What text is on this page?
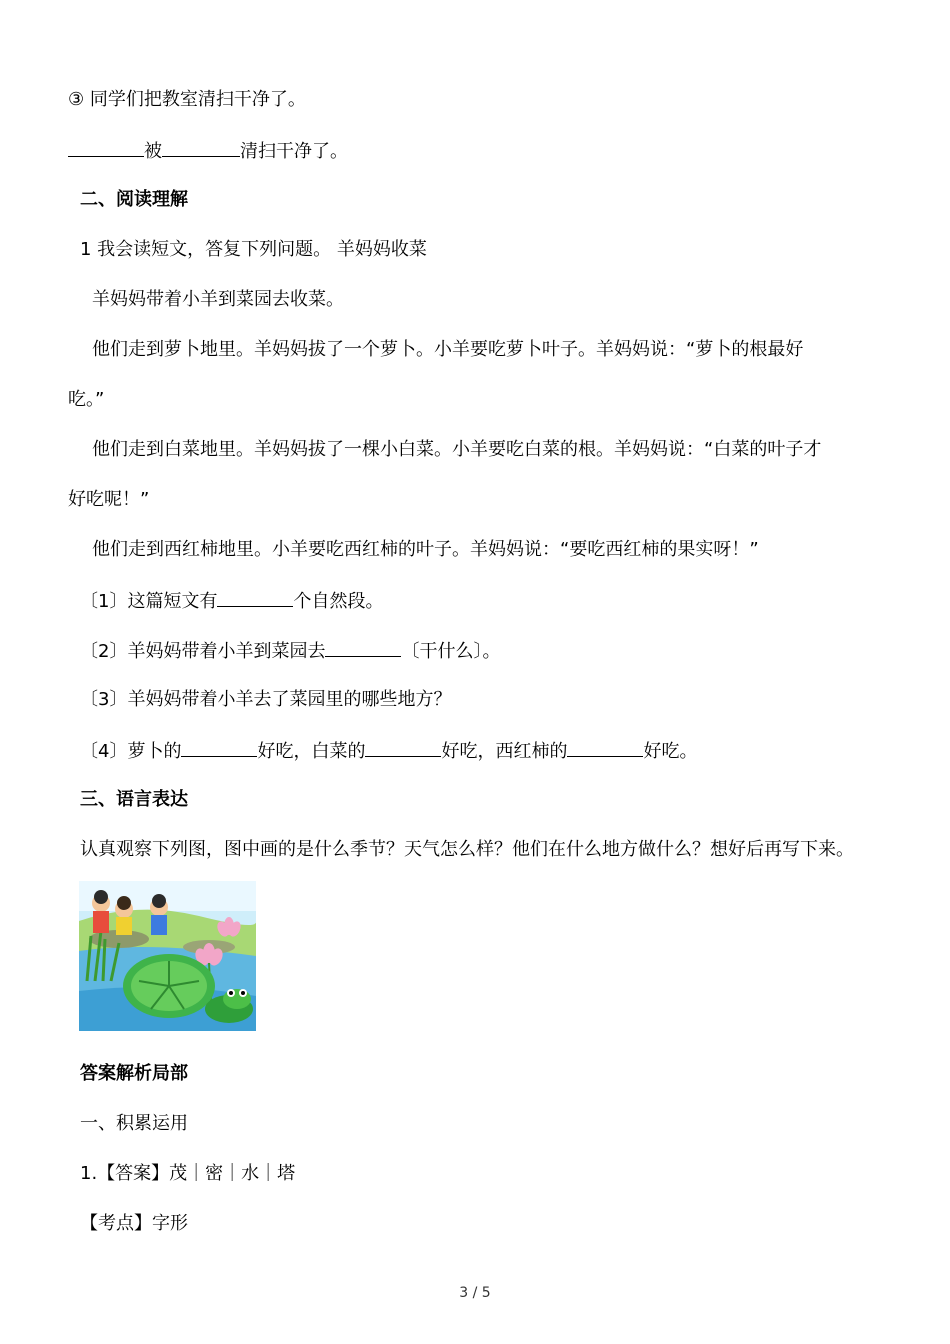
③ 同学们把教室清扫干净了。
被	清扫干净了。
二、阅读理解
1 我会读短文，答复下列问题。 羊妈妈收菜
羊妈妈带着小羊到菜园去收菜。
他们走到萝卜地里。羊妈妈拔了一个萝卜。小羊要吃萝卜叶子。羊妈妈说：“萝卜的根最好
吃。”
他们走到白菜地里。羊妈妈拔了一棵小白菜。小羊要吃白菜的根。羊妈妈说：“白菜的叶子才
好吃呢！”
他们走到西红柿地里。小羊要吃西红柿的叶子。羊妈妈说：“要吃西红柿的果实呀！”
〔1〕这篇短文有	个自然段。
〔2〕羊妈妈带着小羊到菜园去	〔干什么〕。
〔3〕羊妈妈带着小羊去了菜园里的哪些地方？
〔4〕萝卜的	好吃，白菜的	好吃，西红柿的	好吃。
三、语言表达
认真观察下列图，图中画的是什么季节？天气怎么样？他们在什么地方做什么？想好后再写下来。
答案解析局部
一、积累运用
1.【答案】茂｜密｜水｜塔
【考点】字形
3 / 5
